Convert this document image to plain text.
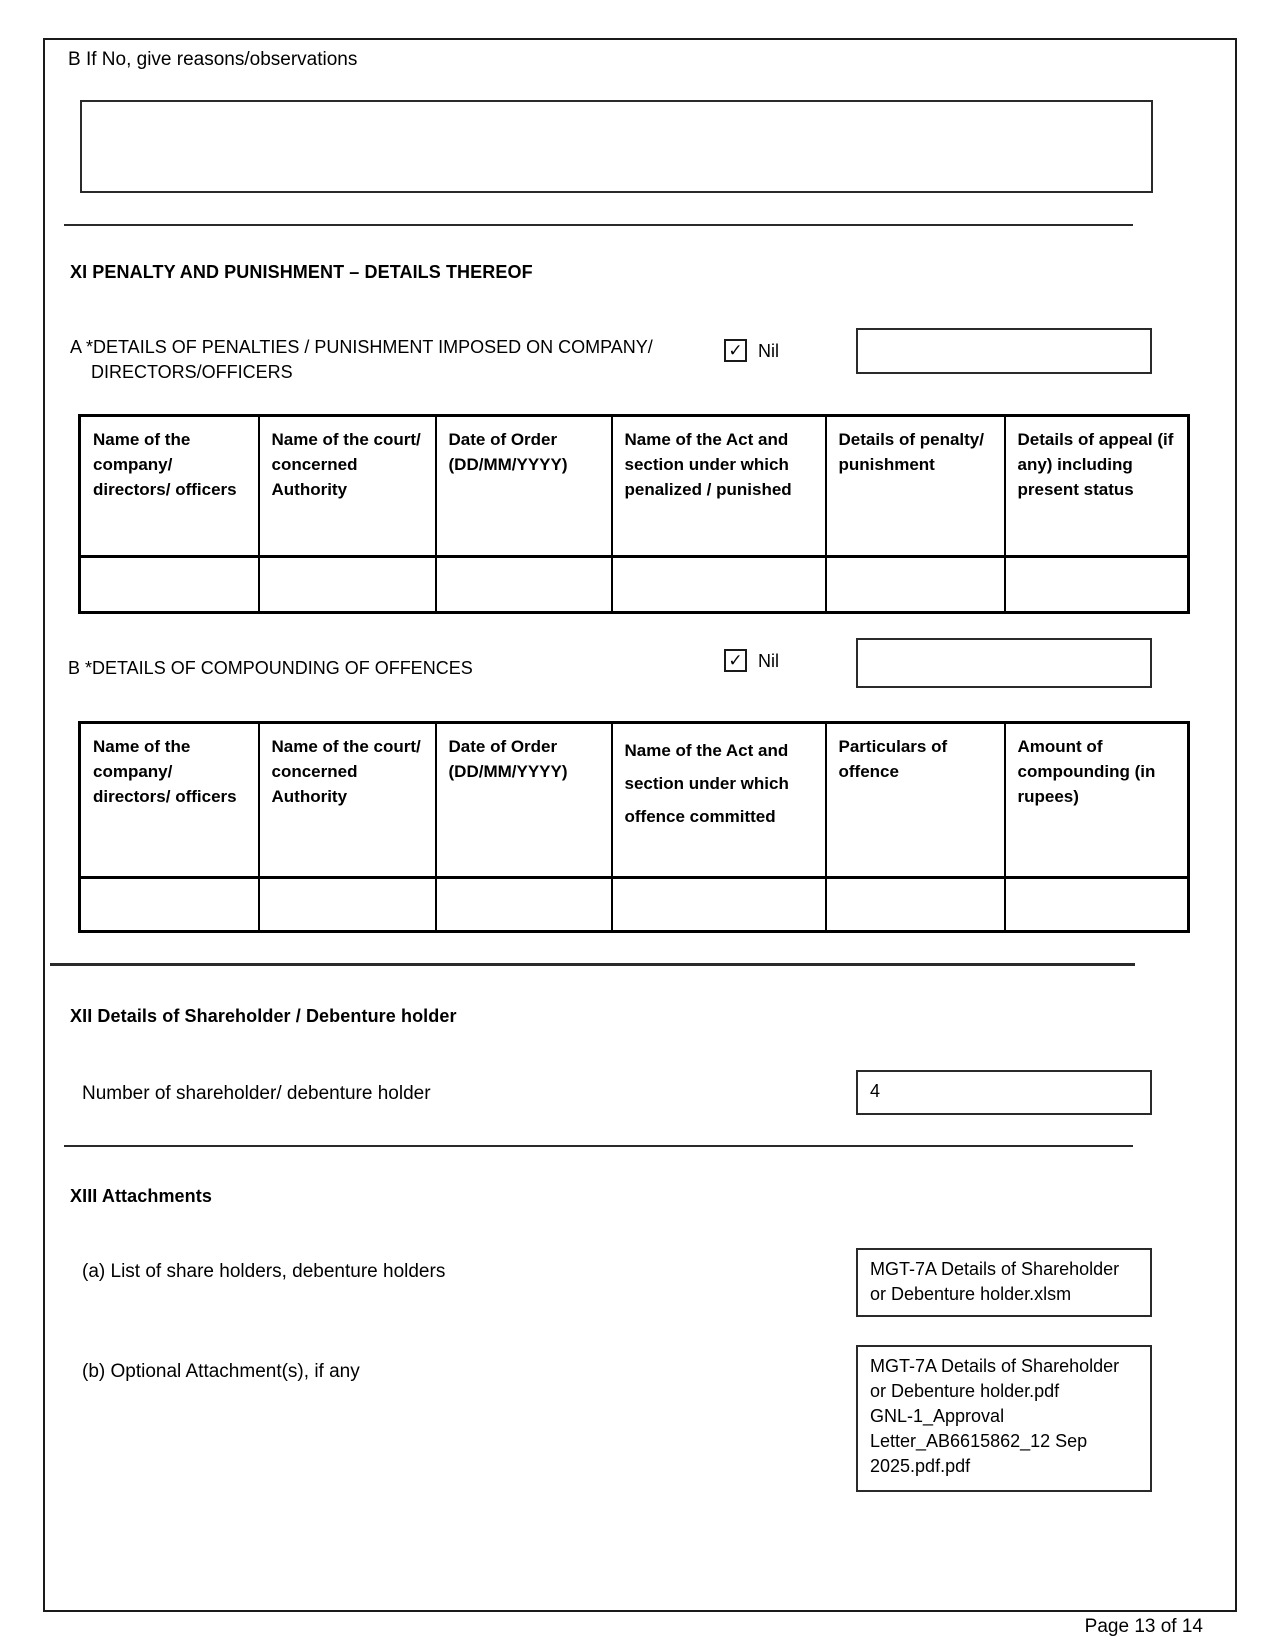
B If No, give reasons/observations
XI PENALTY AND PUNISHMENT – DETAILS THEREOF
A *DETAILS OF PENALTIES / PUNISHMENT IMPOSED ON COMPANY/
DIRECTORS/OFFICERS
✓ Nil
Name of the company/ directors/ officers	Name of the court/ concerned Authority	Date of Order (DD/MM/YYYY)	Name of the Act and section under which penalized / punished	Details of penalty/ punishment	Details of appeal (if any) including present status

B *DETAILS OF COMPOUNDING OF OFFENCES	✓ Nil
Name of the company/ directors/ officers	Name of the court/ concerned Authority	Date of Order (DD/MM/YYYY)	Name of the Act and section under which offence committed	Particulars of offence	Amount of compounding (in rupees)

XII Details of Shareholder / Debenture holder
Number of shareholder/ debenture holder	4
XIII Attachments
(a) List of share holders, debenture holders	MGT-7A Details of Shareholder or Debenture holder.xlsm
(b) Optional Attachment(s), if any	MGT-7A Details of Shareholder or Debenture holder.pdf
GNL-1_Approval Letter_AB6615862_12 Sep 2025.pdf.pdf
Page 13 of 14
